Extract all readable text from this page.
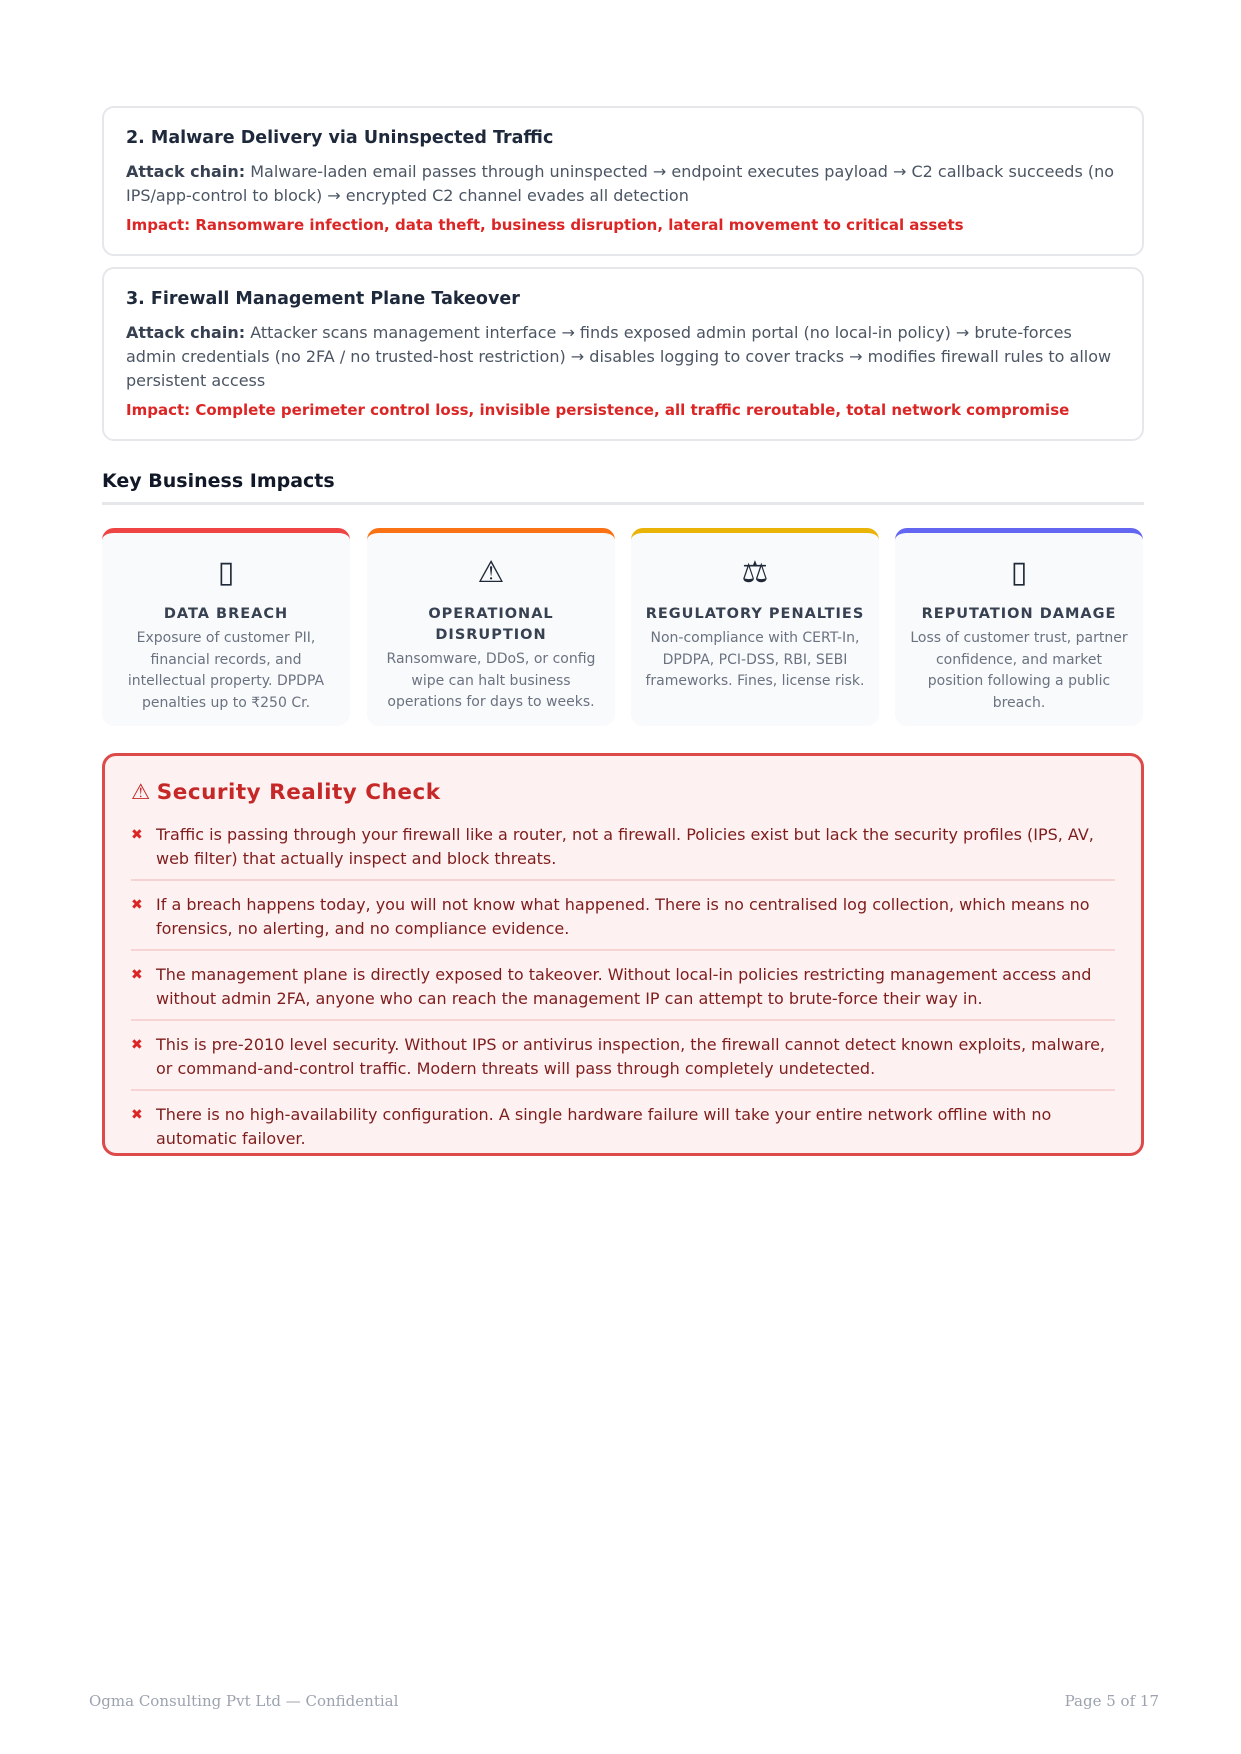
2. Malware Delivery via Uninspected Traffic

Attack chain: Malware-laden email passes through uninspected → endpoint executes payload → C2 callback succeeds (no IPS/app-control to block) → encrypted C2 channel evades all detection

Impact: Ransomware infection, data theft, business disruption, lateral movement to critical assets

3. Firewall Management Plane Takeover

Attack chain: Attacker scans management interface → finds exposed admin portal (no local-in policy) → brute-forces admin credentials (no 2FA / no trusted-host restriction) → disables logging to cover tracks → modifies firewall rules to allow persistent access

Impact: Complete perimeter control loss, invisible persistence, all traffic reroutable, total network compromise

Key Business Impacts
▯
DATA BREACH
Exposure of customer PII, financial records, and intellectual property. DPDPA penalties up to ₹250 Cr.
⚠
OPERATIONAL DISRUPTION
Ransomware, DDoS, or config wipe can halt business operations for days to weeks.
⚖
REGULATORY PENALTIES
Non-compliance with CERT-In, DPDPA, PCI-DSS, RBI, SEBI frameworks. Fines, license risk.
▯
REPUTATION DAMAGE
Loss of customer trust, partner confidence, and market position following a public breach.
⚠ Security Reality Check
✖ Traffic is passing through your firewall like a router, not a firewall. Policies exist but lack the security profiles (IPS, AV, web filter) that actually inspect and block threats.
✖ If a breach happens today, you will not know what happened. There is no centralised log collection, which means no forensics, no alerting, and no compliance evidence.
✖ The management plane is directly exposed to takeover. Without local-in policies restricting management access and without admin 2FA, anyone who can reach the management IP can attempt to brute-force their way in.
✖ This is pre-2010 level security. Without IPS or antivirus inspection, the firewall cannot detect known exploits, malware, or command-and-control traffic. Modern threats will pass through completely undetected.
✖ There is no high-availability configuration. A single hardware failure will take your entire network offline with no automatic failover.
Ogma Consulting Pvt Ltd — Confidential	Page 5 of 17
